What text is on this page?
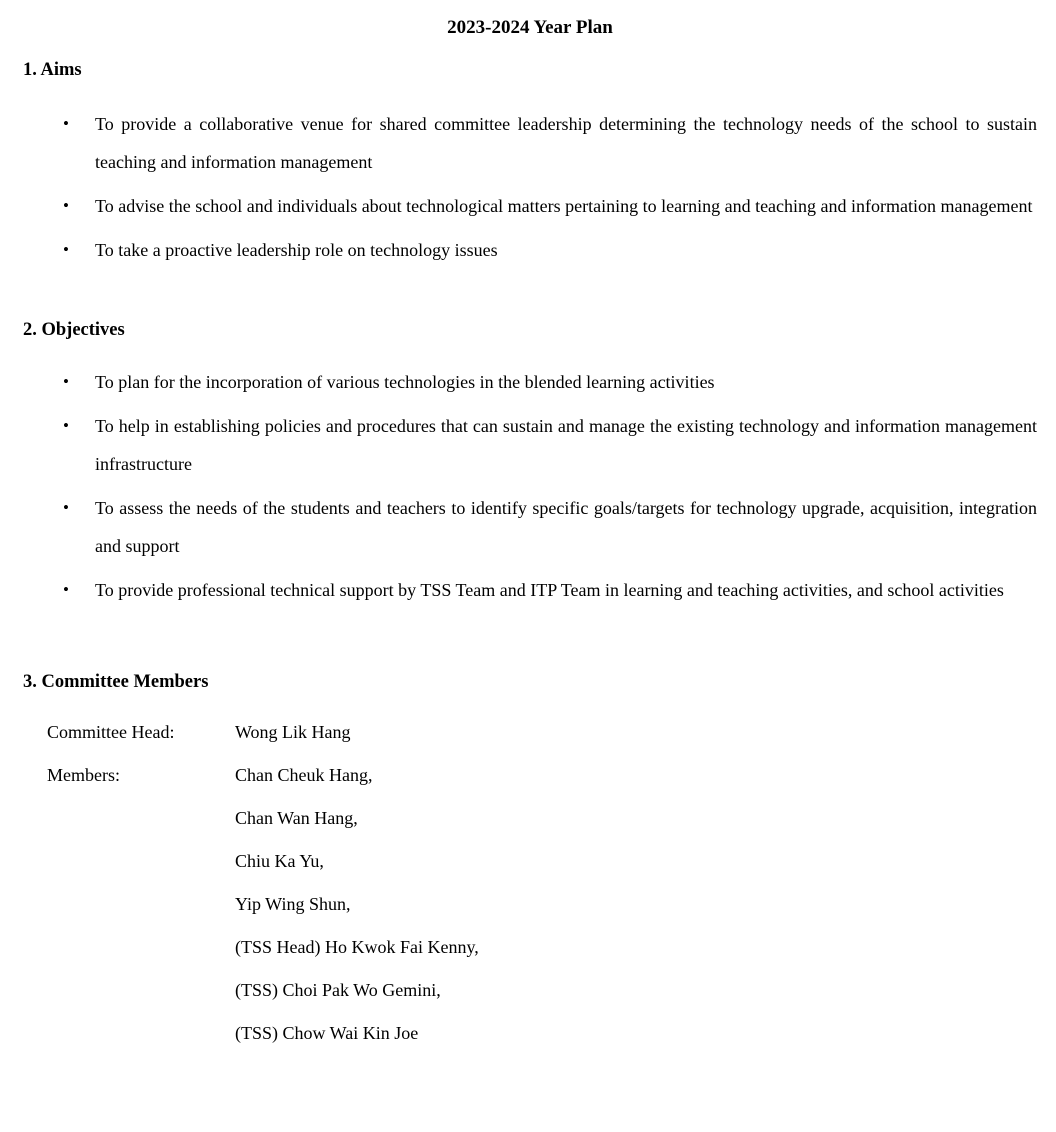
2023-2024 Year Plan
1. Aims
• To provide a collaborative venue for shared committee leadership determining the technology needs of the school to sustain teaching and information management
• To advise the school and individuals about technological matters pertaining to learning and teaching and information management
• To take a proactive leadership role on technology issues
2. Objectives
• To plan for the incorporation of various technologies in the blended learning activities
• To help in establishing policies and procedures that can sustain and manage the existing technology and information management infrastructure
• To assess the needs of the students and teachers to identify specific goals/targets for technology upgrade, acquisition, integration and support
• To provide professional technical support by TSS Team and ITP Team in learning and teaching activities, and school activities
3. Committee Members
Committee Head:	Wong Lik Hang
Members:	Chan Cheuk Hang,
Chan Wan Hang,
Chiu Ka Yu,
Yip Wing Shun,
(TSS Head) Ho Kwok Fai Kenny,
(TSS) Choi Pak Wo Gemini,
(TSS) Chow Wai Kin Joe
